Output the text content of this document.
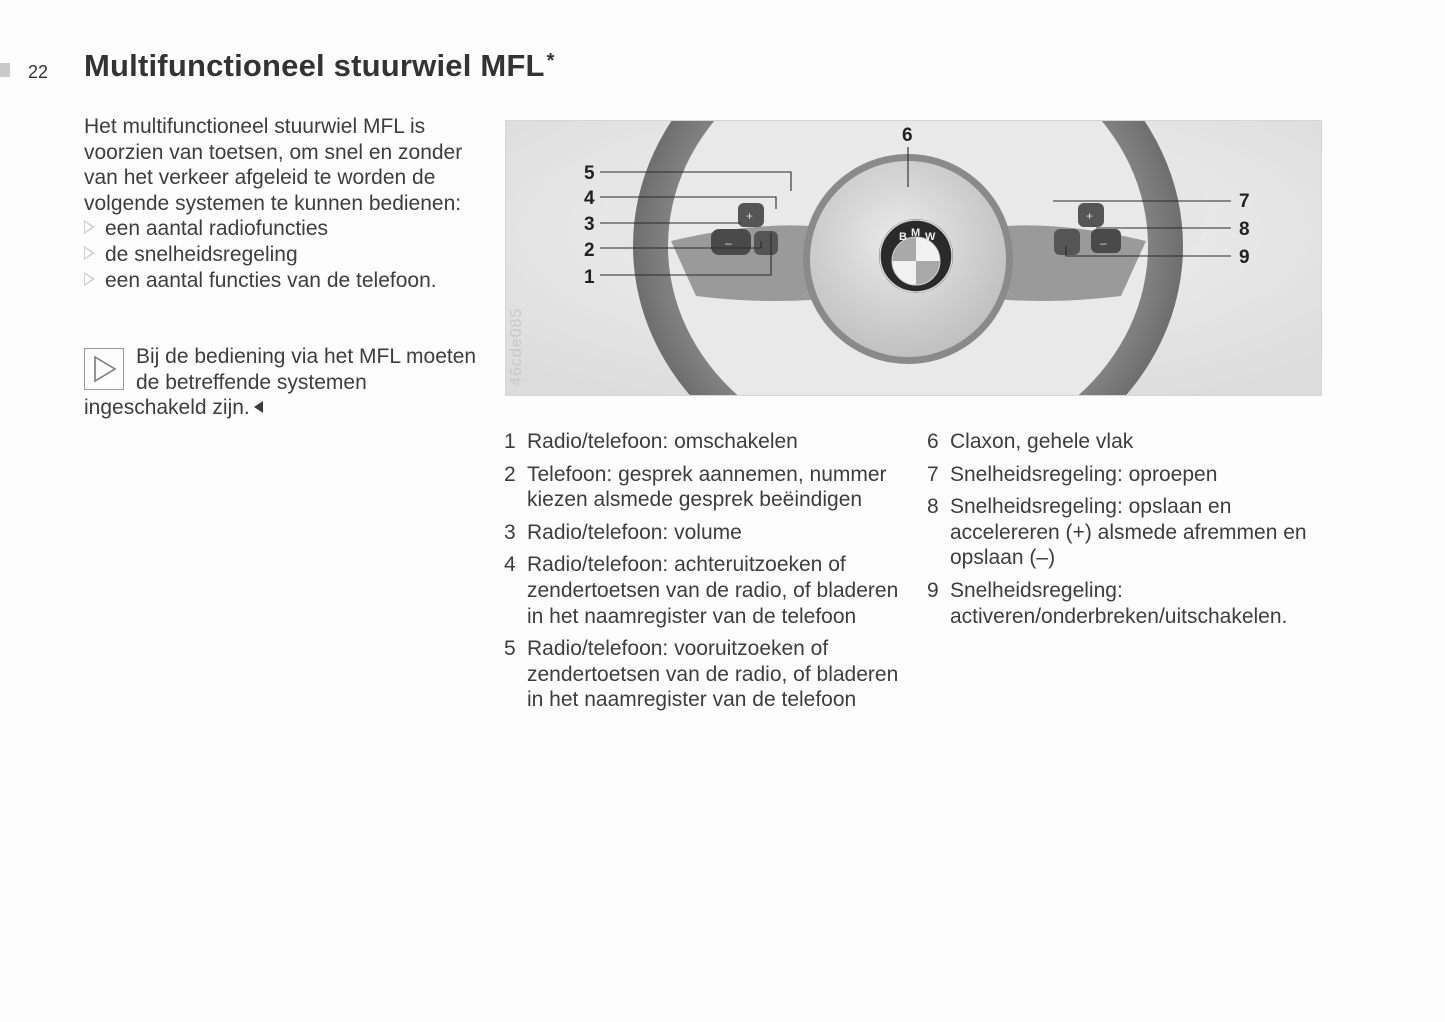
22 Multifunctioneel stuurwiel MFL *

Het multifunctioneel stuurwiel MFL is voorzien van toetsen, om snel en zonder van het verkeer afgeleid te worden de volgende systemen te kunnen bedienen:

een aantal radiofuncties
de snelheidsregeling
een aantal functies van de telefoon.
Bij de bediening via het MFL moeten de betreffende systemen ingeschakeld zijn.
–
+	+
–
B M W
5
4
3
2
1
6
7
8
9
46cde085
1 Radio/telefoon: omschakelen
2 Telefoon: gesprek aannemen, nummer kiezen alsmede gesprek beëindigen
3 Radio/telefoon: volume
4 Radio/telefoon: achteruitzoeken of zendertoetsen van de radio, of bladeren in het naamregister van de telefoon
5 Radio/telefoon: vooruitzoeken of zendertoetsen van de radio, of bladeren in het naamregister van de telefoon
6 Claxon, gehele vlak
7 Snelheidsregeling: oproepen
8 Snelheidsregeling: opslaan en accelereren (+) alsmede afremmen en opslaan (–)
9 Snelheidsregeling: activeren/onderbreken/uitschakelen.
